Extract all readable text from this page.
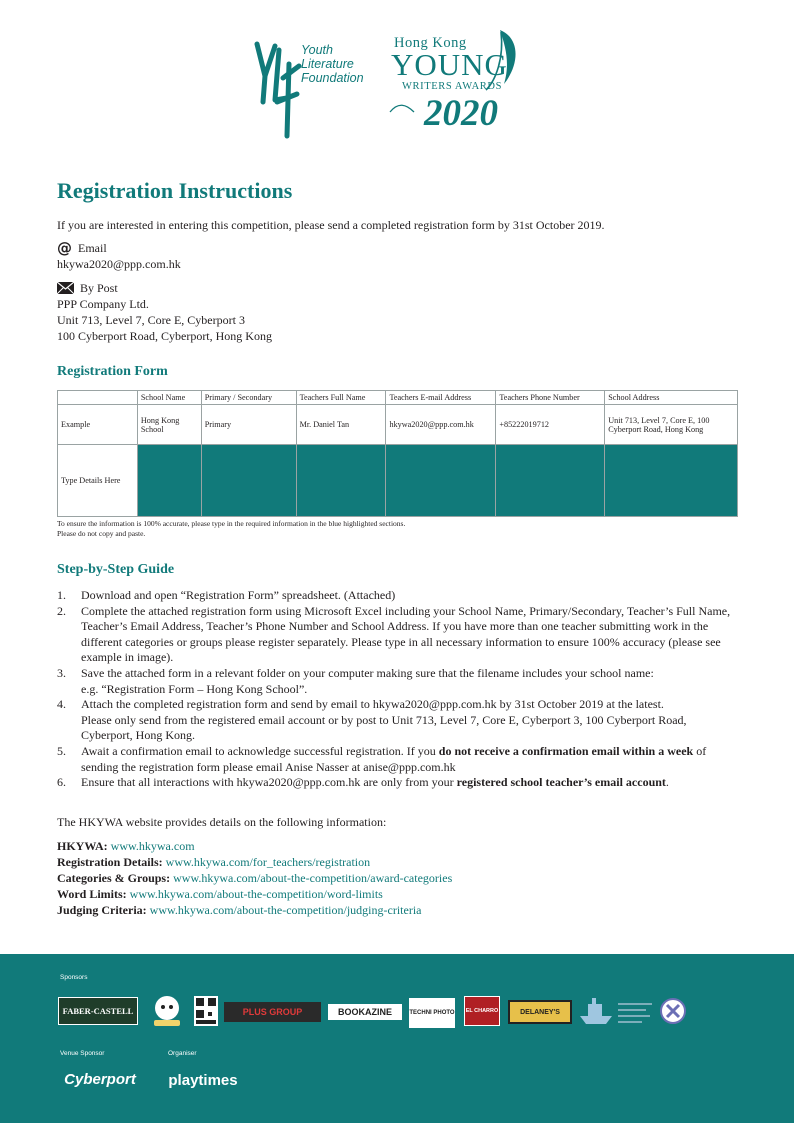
Youth
Literature
Foundation
Hong Kong
YOUNG
WRITERS AWARDS
2020
Registration Instructions
If you are interested in entering this competition, please send a completed registration form by 31st October 2019.
@ Email
hkywa2020@ppp.com.hk
By Post
PPP Company Ltd.
Unit 713, Level 7, Core E, Cyberport 3
100 Cyberport Road, Cyberport, Hong Kong
Registration Form
	School Name	Primary / Secondary	Teachers Full Name	Teachers E-mail Address	Teachers Phone Number	School Address
Example	Hong Kong School	Primary	Mr. Daniel Tan	hkywa2020@ppp.com.hk	+85222019712	Unit 713, Level 7, Core E, 100 Cyberport Road, Hong Kong
Type Details Here						
To ensure the information is 100% accurate, please type in the required information in the blue highlighted sections.
Please do not copy and paste.
Step-by-Step Guide
1. Download and open “Registration Form” spreadsheet. (Attached)
2. Complete the attached registration form using Microsoft Excel including your School Name, Primary/Secondary, Teacher’s Full Name, Teacher’s Email Address, Teacher’s Phone Number and School Address. If you have more than one teacher submitting work in the different categories or groups please register separately. Please type in all necessary information to ensure 100% accuracy (please see example in image).
3. Save the attached form in a relevant folder on your computer making sure that the filename includes your school name:
e.g. “Registration Form – Hong Kong School”.
4. Attach the completed registration form and send by email to hkywa2020@ppp.com.hk by 31st October 2019 at the latest.
Please only send from the registered email account or by post to Unit 713, Level 7, Core E, Cyberport 3, 100 Cyberport Road, Cyberport, Hong Kong.
5. Await a confirmation email to acknowledge successful registration. If you do not receive a confirmation email within a week of sending the registration form please email Anise Nasser at anise@ppp.com.hk
6. Ensure that all interactions with hkywa2020@ppp.com.hk are only from your registered school teacher’s email account.
The HKYWA website provides details on the following information:
HKYWA: www.hkywa.com
Registration Details: www.hkywa.com/for_teachers/registration
Categories & Groups: www.hkywa.com/about-the-competition/award-categories
Word Limits: www.hkywa.com/about-the-competition/word-limits
Judging Criteria: www.hkywa.com/about-the-competition/judging-criteria
Sponsors
FABER-CASTELL	PLUS GROUP	BOOKAZINE	TECHNI PHOTO	EL CHARRO	DELANEY'S
Venue Sponsor	Organiser
Cyberport	playtimes
